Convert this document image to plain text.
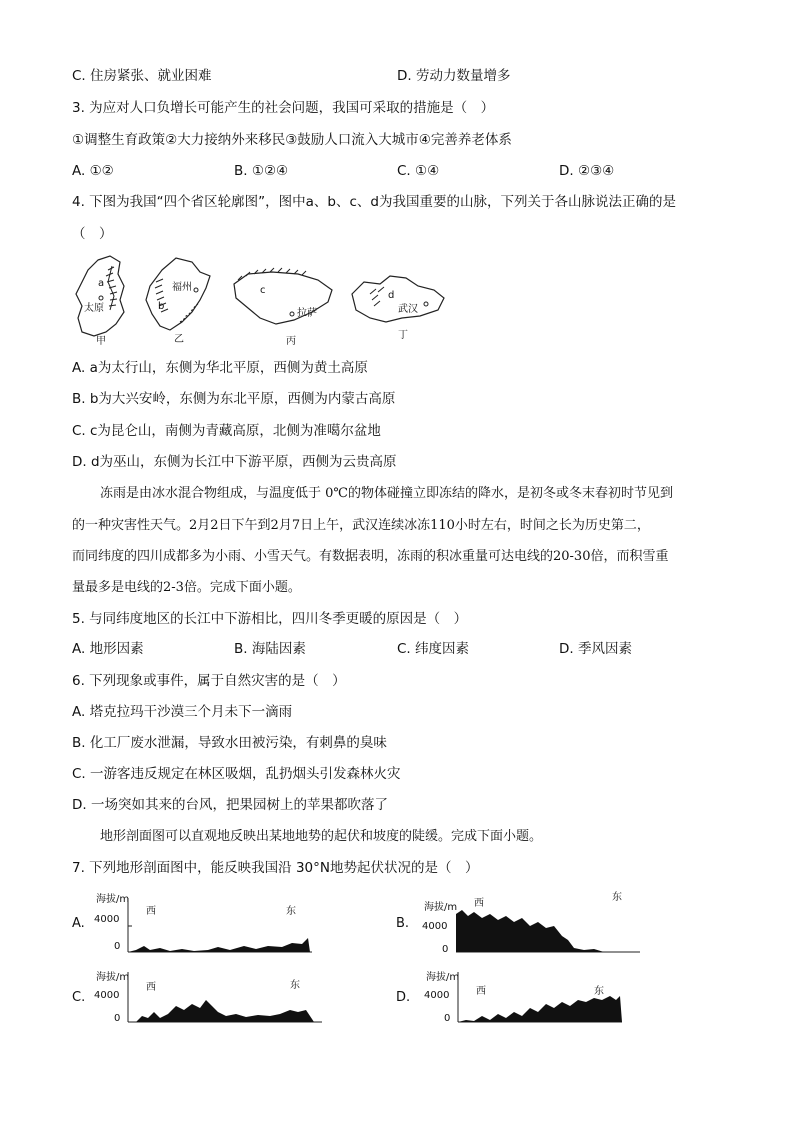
C. 住房紧张、就业困难	D. 劳动力数量增多
3. 为应对人口负增长可能产生的社会问题，我国可采取的措施是（　）
①调整生育政策②大力接纳外来移民③鼓励人口流入大城市④完善养老体系
A. ①②	B. ①②④	C. ①④	D. ②③④
4. 下图为我国“四个省区轮廓图”，图中a、b、c、d为我国重要的山脉，下列关于各山脉说法正确的是
（　）
a
太原
甲
福州
b
乙
c
拉萨
丙
d
武汉
丁
A. a为太行山，东侧为华北平原，西侧为黄土高原
B. b为大兴安岭，东侧为东北平原，西侧为内蒙古高原
C. c为昆仑山，南侧为青藏高原，北侧为准噶尔盆地
D. d为巫山，东侧为长江中下游平原，西侧为云贵高原
冻雨是由冰水混合物组成，与温度低于 0℃的物体碰撞立即冻结的降水，是初冬或冬末春初时节见到
的一种灾害性天气。2月2日下午到2月7日上午，武汉连续冰冻110小时左右，时间之长为历史第二，
而同纬度的四川成都多为小雨、小雪天气。有数据表明，冻雨的积冰重量可达电线的20-30倍，而积雪重
量最多是电线的2-3倍。完成下面小题。
5. 与同纬度地区的长江中下游相比，四川冬季更暖的原因是（　）
A. 地形因素	B. 海陆因素	C. 纬度因素	D. 季风因素
6. 下列现象或事件，属于自然灾害的是（　）
A. 塔克拉玛干沙漠三个月未下一滴雨
B. 化工厂废水泄漏，导致水田被污染，有刺鼻的臭味
C. 一游客违反规定在林区吸烟，乱扔烟头引发森林火灾
D. 一场突如其来的台风，把果园树上的苹果都吹落了
地形剖面图可以直观地反映出某地地势的起伏和坡度的陡缓。完成下面小题。
7. 下列地形剖面图中，能反映我国沿 30°N地势起伏状况的是（　）
A.
海拔/m
4000
0
西	东
B.
海拔/m
4000
0
西
东
C.
海拔/m
4000
0
西	东
D.
海拔/m
4000
0
西	东
